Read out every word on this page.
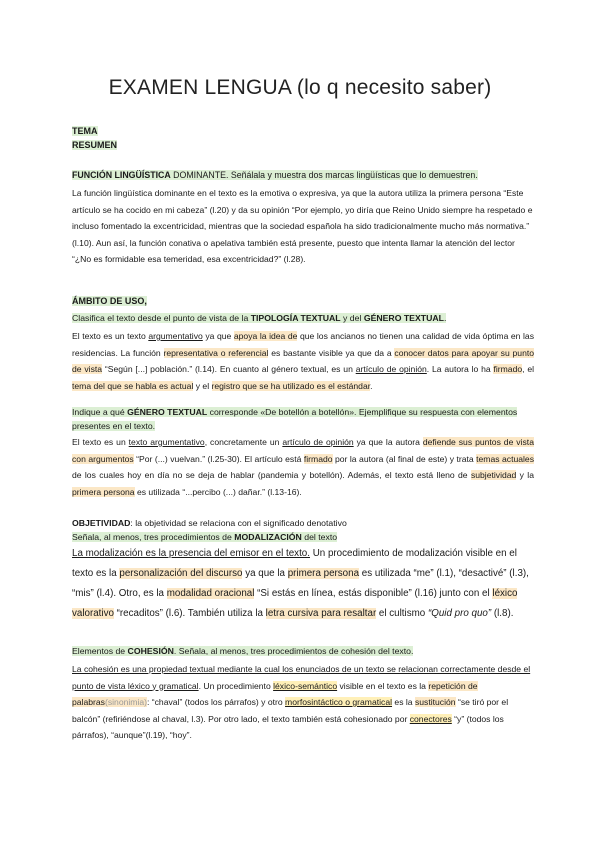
EXAMEN LENGUA (lo q necesito saber)
TEMA
RESUMEN
FUNCIÓN LINGÜÍSTICA DOMINANTE. Señálala y muestra dos marcas lingüísticas que lo demuestren.
La función lingüística dominante en el texto es la emotiva o expresiva, ya que la autora utiliza la primera persona “Este artículo se ha cocido en mi cabeza” (l.20) y da su opinión “Por ejemplo, yo diría que Reino Unido siempre ha respetado e incluso fomentado la excentricidad, mientras que la sociedad española ha sido tradicionalmente mucho más normativa.” (l.10). Aun así, la función conativa o apelativa también está presente, puesto que intenta llamar la atención del lector “¿No es formidable esa temeridad, esa excentricidad?” (l.28).
ÁMBITO DE USO,
Clasifica el texto desde el punto de vista de la TIPOLOGÍA TEXTUAL y del GÉNERO TEXTUAL.
El texto es un texto argumentativo ya que apoya la idea de que los ancianos no tienen una calidad de vida óptima en las residencias. La función representativa o referencial es bastante visible ya que da a conocer datos para apoyar su punto de vista “Según [...] población.” (l.14). En cuanto al género textual, es un artículo de opinión. La autora lo ha firmado, el tema del que se habla es actual y el registro que se ha utilizado es el estándar.
Indique a qué GÉNERO TEXTUAL corresponde «De botellón a botellón». Ejemplifique su respuesta con elementos presentes en el texto.
El texto es un texto argumentativo, concretamente un artículo de opinión ya que la autora defiende sus puntos de vista con argumentos “Por (...) vuelvan.” (l.25-30). El artículo está firmado por la autora (al final de este) y trata temas actuales de los cuales hoy en día no se deja de hablar (pandemia y botellón). Además, el texto está lleno de subjetividad y la primera persona es utilizada “...percibo (...) dañar.” (l.13-16).
OBJETIVIDAD: la objetividad se relaciona con el significado denotativo
Señala, al menos, tres procedimientos de MODALIZACIÓN del texto
La modalización es la presencia del emisor en el texto. Un procedimiento de modalización visible en el texto es la personalización del discurso ya que la primera persona es utilizada “me” (l.1), “desactivé” (l.3), “mis” (l.4). Otro, es la modalidad oracional “Si estás en línea, estás disponible” (l.16) junto con el léxico valorativo “recaditos” (l.6). También utiliza la letra cursiva para resaltar el cultismo “Quid pro quo” (l.8).
Elementos de COHESIÓN. Señala, al menos, tres procedimientos de cohesión del texto.
La cohesión es una propiedad textual mediante la cual los enunciados de un texto se relacionan correctamente desde el punto de vista léxico y gramatical. Un procedimiento léxico-semántico visible en el texto es la repetición de palabras(sinonimia): “chaval” (todos los párrafos) y otro morfosintáctico o gramatical es la sustitución “se tiró por el balcón” (refiriéndose al chaval, l.3). Por otro lado, el texto también está cohesionado por conectores “y” (todos los párrafos), “aunque”(l.19), “hoy”.
